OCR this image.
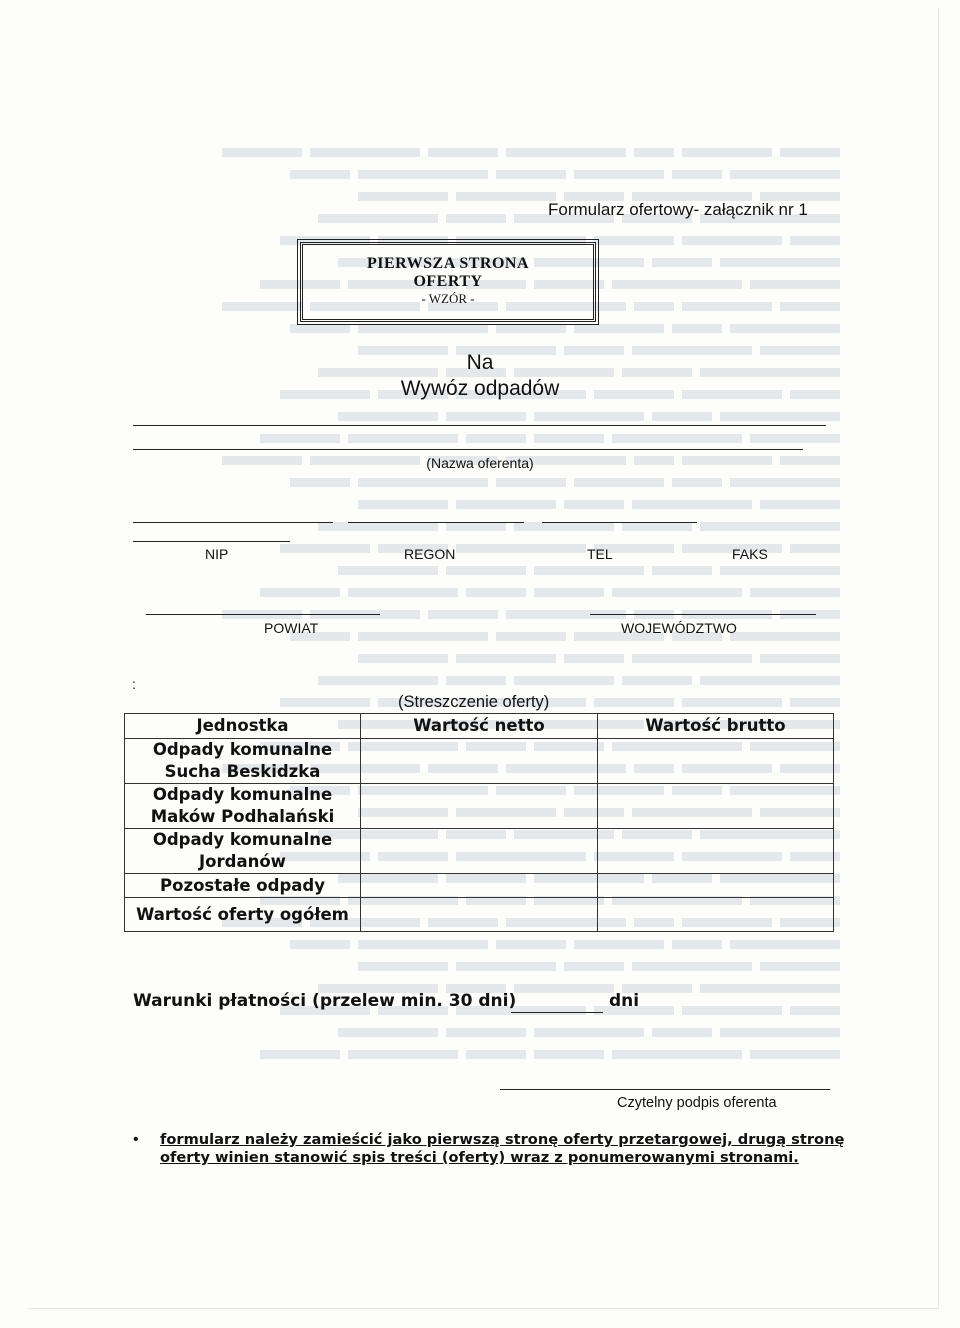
Formularz ofertowy- załącznik nr 1
PIERWSZA STRONA
OFERTY
- WZÓR -
Na
Wywóz odpadów
(Nazwa oferenta)
NIP	REGON	TEL	FAKS
POWIAT	WOJEWÓDZTWO
:
(Streszczenie oferty)
Jednostka	Wartość netto	Wartość brutto

Odpady komunalne
Sucha Beskidzka		

Odpady komunalne
Maków Podhalański		

Odpady komunalne
Jordanów		

Pozostałe odpady		
Wartość oferty ogółem		
Warunki płatności (przelew min. 30 dni)	dni
Czytelny podpis oferenta
• formularz należy zamieścić jako pierwszą stronę oferty przetargowej, drugą stronę oferty winien stanowić spis treści (oferty) wraz z ponumerowanymi stronami.
